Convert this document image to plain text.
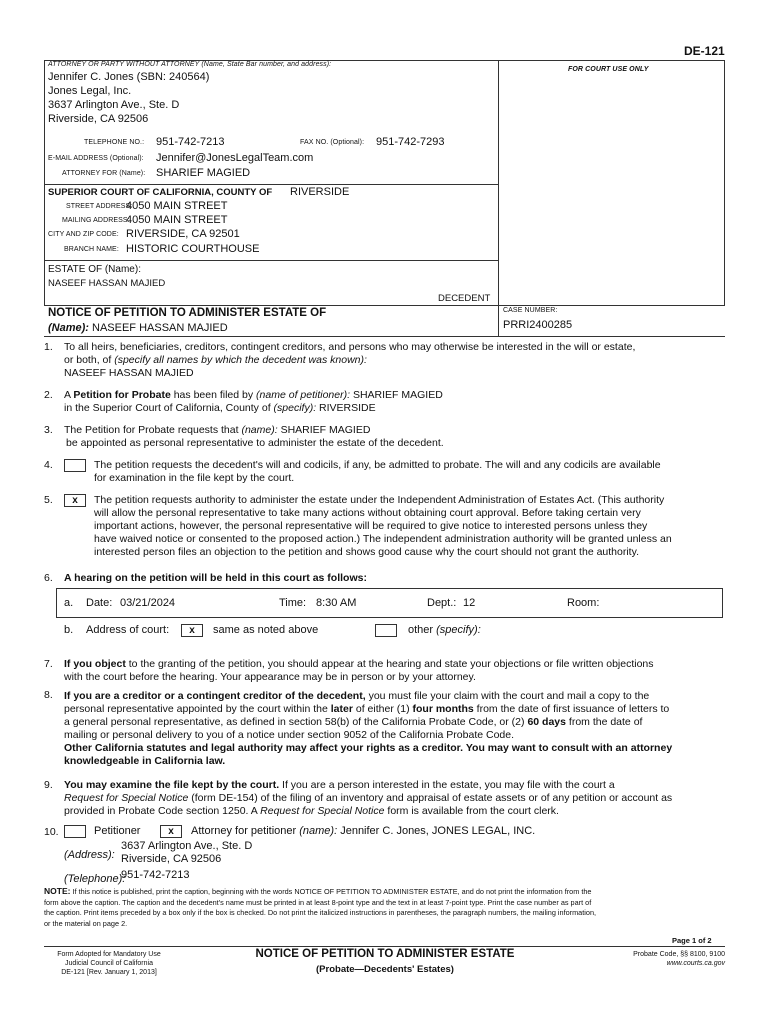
DE-121
ATTORNEY OR PARTY WITHOUT ATTORNEY (Name, State Bar number, and address):
Jennifer C. Jones (SBN: 240564)
Jones Legal, Inc.
3637 Arlington Ave., Ste. D
Riverside, CA 92506
FOR COURT USE ONLY
TELEPHONE NO.: 951-742-7213	FAX NO. (Optional): 951-742-7293
E-MAIL ADDRESS (Optional): Jennifer@JonesLegalTeam.com
ATTORNEY FOR (Name): SHARIEF MAGIED
SUPERIOR COURT OF CALIFORNIA, COUNTY OF RIVERSIDE
STREET ADDRESS:
4050 MAIN STREET
MAILING ADDRESS:
4050 MAIN STREET
CITY AND ZIP CODE: RIVERSIDE, CA 92501
BRANCH NAME: HISTORIC COURTHOUSE
ESTATE OF (Name):
NASEEF HASSAN MAJIED
DECEDENT
NOTICE OF PETITION TO ADMINISTER ESTATE OF
(Name): NASEEF HASSAN MAJIED
CASE NUMBER:
PRRI2400285
1. To all heirs, beneficiaries, creditors, contingent creditors, and persons who may otherwise be interested in the will or estate,
or both, of (specify all names by which the decedent was known):
NASEEF HASSAN MAJIED
2. A Petition for Probate has been filed by (name of petitioner): SHARIEF MAGIED
in the Superior Court of California, County of (specify): RIVERSIDE
3. The Petition for Probate requests that (name): SHARIEF MAGIED
be appointed as personal representative to administer the estate of the decedent.
4.	The petition requests the decedent's will and codicils, if any, be admitted to probate. The will and any codicils are available
for examination in the file kept by the court.
5.	x	The petition requests authority to administer the estate under the Independent Administration of Estates Act. (This authority
will allow the personal representative to take many actions without obtaining court approval. Before taking certain very
important actions, however, the personal representative will be required to give notice to interested persons unless they
have waived notice or consented to the proposed action.) The independent administration authority will be granted unless an
interested person files an objection to the petition and shows good cause why the court should not grant the authority.
6. A hearing on the petition will be held in this court as follows:
a. Date: 03/21/2024	Time: 8:30 AM	Dept.: 12	Room:
b. Address of court:	x	same as noted above	other (specify):
7. If you object to the granting of the petition, you should appear at the hearing and state your objections or file written objections
with the court before the hearing. Your appearance may be in person or by your attorney.
8. If you are a creditor or a contingent creditor of the decedent, you must file your claim with the court and mail a copy to the
personal representative appointed by the court within the later of either (1) four months from the date of first issuance of letters to
a general personal representative, as defined in section 58(b) of the California Probate Code, or (2) 60 days from the date of
mailing or personal delivery to you of a notice under section 9052 of the California Probate Code.
Other California statutes and legal authority may affect your rights as a creditor. You may want to consult with an attorney
knowledgeable in California law.
9. You may examine the file kept by the court. If you are a person interested in the estate, you may file with the court a
Request for Special Notice (form DE-154) of the filing of an inventory and appraisal of estate assets or of any petition or account as
provided in Probate Code section 1250. A Request for Special Notice form is available from the court clerk.
10.	Petitioner	x	Attorney for petitioner (name): Jennifer C. Jones, JONES LEGAL, INC.
(Address):
3637 Arlington Ave., Ste. D
Riverside, CA 92506
(Telephone):
951-742-7213
NOTE: If this notice is published, print the caption, beginning with the words NOTICE OF PETITION TO ADMINISTER ESTATE, and do not print the information from the
form above the caption. The caption and the decedent's name must be printed in at least 8-point type and the text in at least 7-point type. Print the case number as part of
the caption. Print items preceded by a box only if the box is checked. Do not print the italicized instructions in parentheses, the paragraph numbers, the mailing information,
or the material on page 2.
Page 1 of 2
Form Adopted for Mandatory Use
Judicial Council of California
DE-121 [Rev. January 1, 2013]
NOTICE OF PETITION TO ADMINISTER ESTATE
(Probate—Decedents' Estates)
Probate Code, §§ 8100, 9100
www.courts.ca.gov
